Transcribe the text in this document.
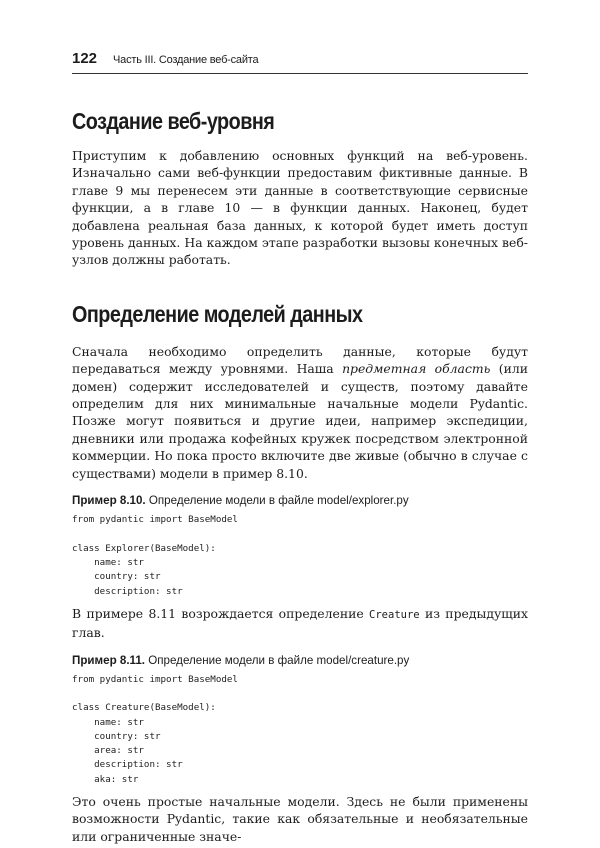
122 Часть III. Создание веб-сайта
Создание веб-уровня

Приступим к добавлению основных функций на веб-уровень. Изначально сами веб-функции предоставим фиктивные данные. В главе 9 мы перенесем эти данные в соответствующие сервисные функции, а в главе 10 — в функции данных. Наконец, будет добавлена реальная база данных, к которой будет иметь доступ уровень данных. На каждом этапе разработки вызовы конечных веб-узлов должны работать.

Определение моделей данных

Сначала необходимо определить данные, которые будут передаваться между уровнями. Наша предметная область (или домен) содержит исследователей и существ, поэтому давайте определим для них минимальные начальные модели Pydantic. Позже могут появиться и другие идеи, например экспедиции, дневники или продажа кофейных кружек посредством электронной коммерции. Но пока просто включите две живые (обычно в случае с существами) модели в пример 8.10.

Пример 8.10. Определение модели в файле model/explorer.py
from pydantic import BaseModel

class Explorer(BaseModel):
name: str
country: str
description: str

В примере 8.11 возрождается определение Creature из предыдущих глав.

Пример 8.11. Определение модели в файле model/creature.py
from pydantic import BaseModel

class Creature(BaseModel):
name: str
country: str
area: str
description: str
aka: str

Это очень простые начальные модели. Здесь не были применены возможности Pydantic, такие как обязательные и необязательные или ограниченные значе-
